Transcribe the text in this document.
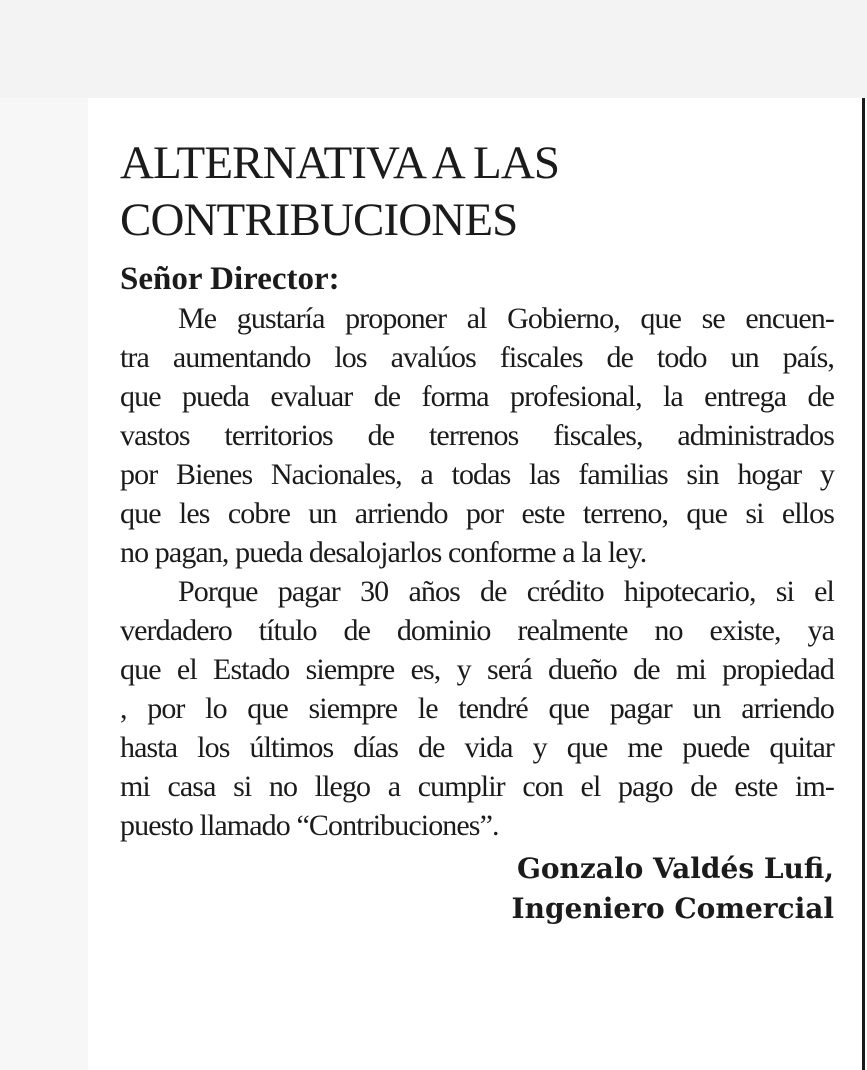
ALTERNATIVA A LAS
CONTRIBUCIONES
Señor Director:
Me gustaría proponer al Gobierno, que se encuen-
tra aumentando los avalúos fiscales de todo un país,
que pueda evaluar de forma profesional, la entrega de
vastos territorios de terrenos fiscales, administrados
por Bienes Nacionales, a todas las familias sin hogar y
que les cobre un arriendo por este terreno, que si ellos
no pagan, pueda desalojarlos conforme a la ley.
Porque pagar 30 años de crédito hipotecario, si el
verdadero título de dominio realmente no existe, ya
que el Estado siempre es, y será dueño de mi propiedad
, por lo que siempre le tendré que pagar un arriendo
hasta los últimos días de vida y que me puede quitar
mi casa si no llego a cumplir con el pago de este im-
puesto llamado “Contribuciones”.
Gonzalo Valdés Lufi,
Ingeniero Comercial
